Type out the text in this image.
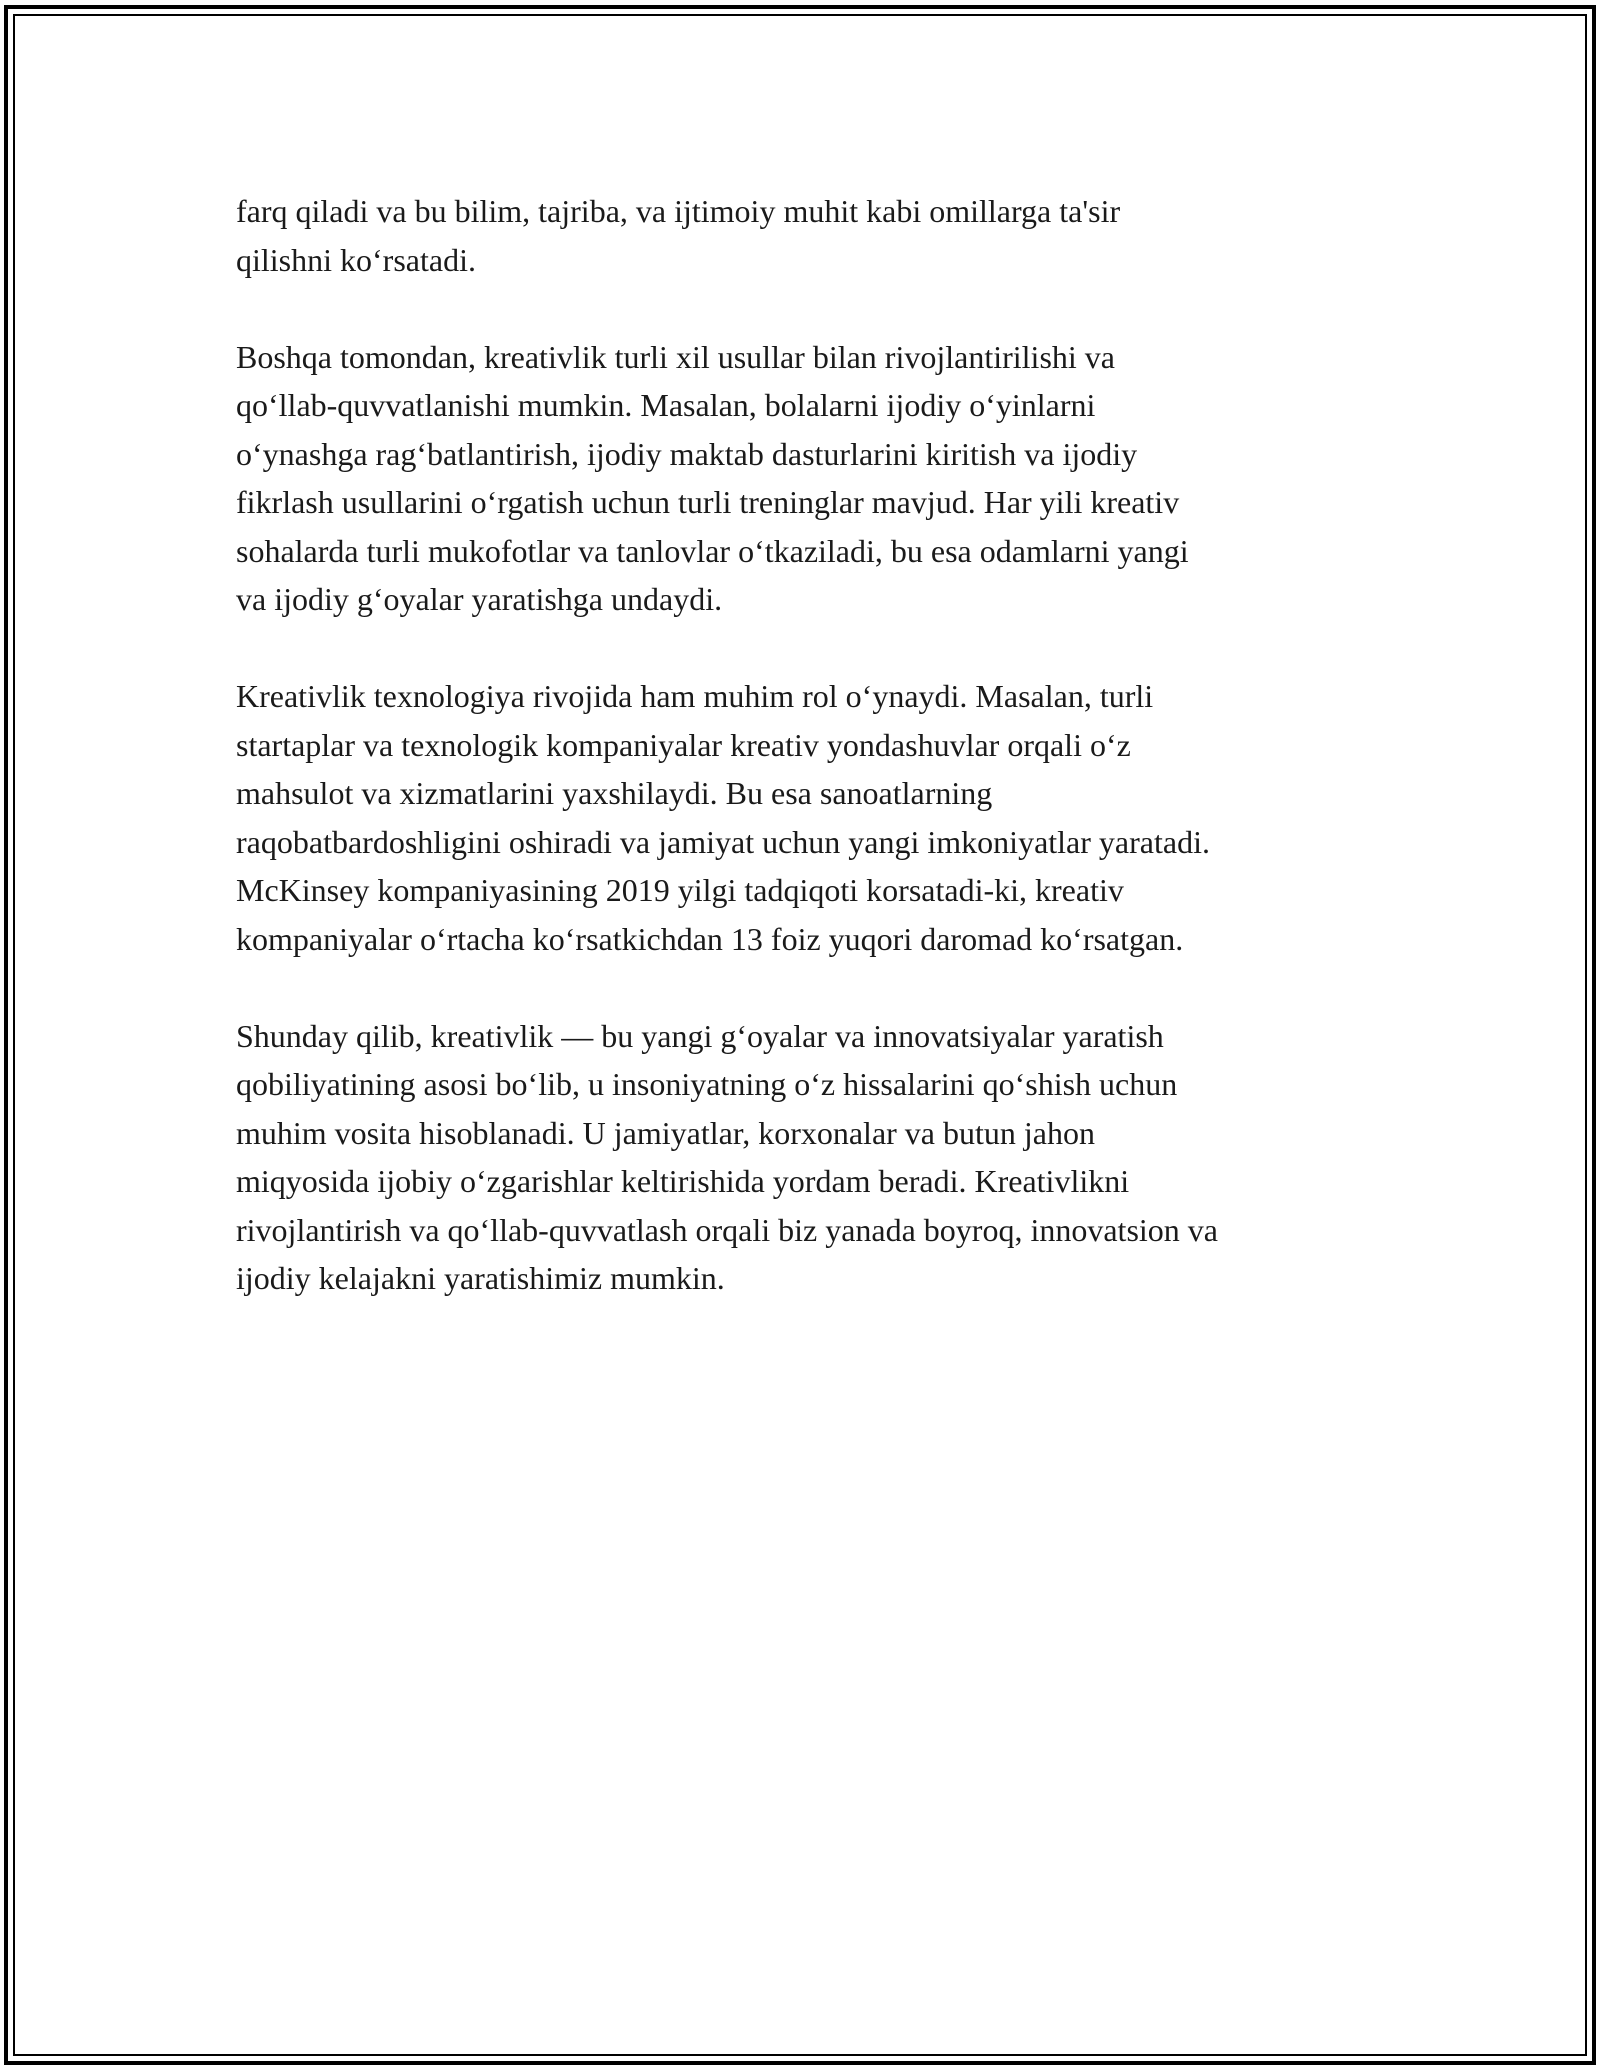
farq qiladi va bu bilim, tajriba, va ijtimoiy muhit kabi omillarga ta'sir
qilishni ko‘rsatadi.

Boshqa tomondan, kreativlik turli xil usullar bilan rivojlantirilishi va
qo‘llab-quvvatlanishi mumkin. Masalan, bolalarni ijodiy o‘yinlarni
o‘ynashga rag‘batlantirish, ijodiy maktab dasturlarini kiritish va ijodiy
fikrlash usullarini o‘rgatish uchun turli treninglar mavjud. Har yili kreativ
sohalarda turli mukofotlar va tanlovlar o‘tkaziladi, bu esa odamlarni yangi
va ijodiy g‘oyalar yaratishga undaydi.

Kreativlik texnologiya rivojida ham muhim rol o‘ynaydi. Masalan, turli
startaplar va texnologik kompaniyalar kreativ yondashuvlar orqali o‘z
mahsulot va xizmatlarini yaxshilaydi. Bu esa sanoatlarning
raqobatbardoshligini oshiradi va jamiyat uchun yangi imkoniyatlar yaratadi.
McKinsey kompaniyasining 2019 yilgi tadqiqoti korsatadi-ki, kreativ
kompaniyalar o‘rtacha ko‘rsatkichdan 13 foiz yuqori daromad ko‘rsatgan.

Shunday qilib, kreativlik — bu yangi g‘oyalar va innovatsiyalar yaratish
qobiliyatining asosi bo‘lib, u insoniyatning o‘z hissalarini qo‘shish uchun
muhim vosita hisoblanadi. U jamiyatlar, korxonalar va butun jahon
miqyosida ijobiy o‘zgarishlar keltirishida yordam beradi. Kreativlikni
rivojlantirish va qo‘llab-quvvatlash orqali biz yanada boyroq, innovatsion va
ijodiy kelajakni yaratishimiz mumkin.
